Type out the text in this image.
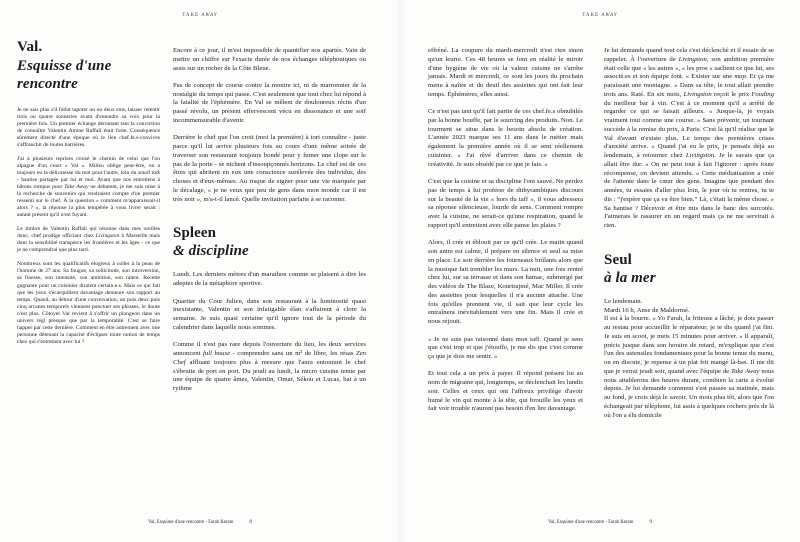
TAKE AWAY
Val.
Esquisse d'une
rencontre

Je ne sais plus s'il fallut tapoter un ou deux sms, laisser retentir trois ou quatre sonneries avant d'entendre sa voix pour la première fois. Un premier échange déroutant tant la conviction de connaître Valentin Amine Raffali était forte. Conséquence sûrement directe d'une époque où le lien chef.fe.s-convives s'affranchit de toutes barrières.

J'ai à plusieurs reprises croisé le chemin de celui que l'on alpague d'un court « Val ». Milieu oblige peut-être, on a toujours eu la délicatesse du mot pour l'autre, loin du small talk - hantise partagée par lui et moi. Avant que nos entretiens à bâtons rompus pour Take Away ne débutent, je me suis mise à la recherche de souvenirs qui rendraient compte d'un premier ressenti sur le chef. À la question « comment m'apparaissait-il alors ? », la réponse la plus tempérée à vous livrer serait : autant présent qu'il n'est fuyant.

Le timbre de Valentin Raffali qui résonne dans mes oreilles donc, chef prodige officiant chez Livingston à Marseille mais dont la sensibilité transperce les frontières et les âges - ce que je ne comprendrai que plus tard.

Nombreux sont les qualificatifs élogieux à coller à la peau de l'homme de 27 ans. Sa fougue, sa sollicitude, son introversion, sa finesse, son intensité, son ambition, son talent. Recette gagnante pour un cuisinier diraient certain.e.s. Mais ce qui fait que les yeux s'écarquillent davantage demeure son rapport au temps. Quand, au détour d'une conversation, un puis deux puis cinq arcanes temporels viennent ponctuer ses phrases, le doute n'est plus. Côtoyer Val revient à s'offrir un plongeon dans un univers régi presque que par la temporalité. C'est se faire happer par cette dernière. Comment en être autrement avec une personne détenant la capacité d'éclipser toute notion de temps chez qui s'entretient avec lui ?

Encore à ce jour, il m'est impossible de quantifier nos apartés. Vain de mettre un chiffre sur l'exacte durée de nos échanges téléphoniques ou assis sur un rocher de la Côte Bleue.

Pas de concept de course contre la montre ici, ni de marronnier de la nostalgie du temps qui passe. C'est seulement que tout chez lui répond à la fatalité de l'éphémère. En Val se mêlent de douloureux récits d'un passé révolu, un présent effervescent vécu en dissonance et une soif incommensurable d'avenir.

Derrière le chef que l'on croit (moi la première) à tort connaître - juste parce qu'il lui arrive plusieurs fois au cours d'une même soirée de traverser son restaurant toujours bondé pour y fumer une clope sur le pas de la porte - se nichent d'insoupçonnés horizons. Le chef est de ces êtres qui abritent en eux une conscience surélevée des individus, des choses et d'eux-mêmes. Au risque de signer pour une vie marquée par le décalage, « je ne veux que peu de gens dans mon monde car il est très noir », m'a-t-il lancé. Quelle invitation parfaite à se raconter.

Spleen
& discipline

Lundi. Les derniers mètres d'un marathon comme se plaisent à dire les adeptes de la métaphore sportive.

Quartier du Cour Julien, dans son restaurant à la luminosité quasi inexistante, Valentin et son infatigable élan s'affairent à clore la semaine. Je suis quasi certaine qu'il ignore tout de la période du calendrier dans laquelle nous sommes.

Comme il n'est pas rare depuis l'ouverture du lieu, les deux services annoncent full house - comprendre sans un m² de libre, les résas Zen Chef affluant toujours plus à mesure que l'aura entourant le chef s'ébruite de port en port. Du jeudi au lundi, la micro cuisine tenue par une équipe de quatre âmes, Valentin, Omar, Sékou et Lucas, bat à un rythme

Val, Esquisse d'une rencontre - Farah Keram	8
TAKE AWAY

effréné. La coupure du mardi-mercredi n'est rien sinon qu'un leurre. Ces 48 heures se font en réalité le miroir d'une hygiène de vie où la valeur cuisine ne s'arrête jamais. Mardi et mercredi, ce sont les jours du prochain menu à naître et du deuil des assiettes qui ont fait leur temps. Éphémères, elles aussi.

Ce n'est pas tant qu'il fait partie de ces chef.fe.s obnubilés par la bonne bouffe, par le sourcing des produits. Non. Le tourment se situe dans le besoin absolu de création. L'année 2023 marque ses 11 ans dans le métier mais également la première année où il se sent réellement cuisinier. « J'ai rêvé d'arriver dans ce chemin de créativité. Je suis obsédé par ce que je fais. »

C'est que la cuisine et sa discipline l'ont sauvé. Ne perdez pas de temps à lui proférer de dithyrambiques discours sur la beauté de la vie « hors du taff », il vous adressera sa réponse silencieuse, lourde de sens. Comment rompre avec la cuisine, ne serait-ce qu'une respiration, quand le rapport qu'il entretient avec elle panse les plaies ?

Alors, il crée et éblouit par ce qu'il crée. Le matin quand son antre est calme, il prépare en silence et seul sa mise en place. Le soir derrière les fourneaux brûlants alors que la musique fait trembler les murs. La nuit, une fois rentré chez lui, sur sa terrasse et dans son hamac, submergé par des vidéos de The Blaze, Kourtrajmé, Mac Miller. Il crée des assiettes pour lesquelles il n'a aucune attache. Une fois qu'elles prennent vie, il sait que leur cycle les entraînera inévitablement vers une fin. Mais il crée et nous réjouit.

« Je ne suis pas raisonné dans mon taff. Quand je sens que c'est trop et que j'étouffe, je me dis que c'est comme ça que je dois me sentir. »

Et tout cela a un prix à payer. Il répond présent lui au nom de migraine qui, longtemps, se déclenchait les lundis soir. Celles et ceux qui ont l'affreux privilège d'avoir humé le vin qui monte à la tête, qui brouille les yeux et fait voir trouble n'auront pas besoin d'en lire davantage.

Je lui demande quand tout cela s'est déclenché et il essaie de se rappeler. À l'ouverture de Livingston, son ambition première était celle que « les autres », « les pros » sachent ce que lui, ses associé.es et son équipe font. « Exister sur une map. Et ça me paraissait une montagne. » Dans sa tête, le tout allait prendre trois ans. Raté. En six mois, Livingston reçoit le prix Fooding du meilleur bar à vin. C'est à ce moment qu'il a arrêté de regarder ce qui se faisait ailleurs. « Jusque-là, je voyais vraiment tout comme une course. » Sans prévenir, un tournant succède à la remise du prix, à Paris. C'est là qu'il réalise que le Val d'avant n'existe plus. Le temps des premières crises d'anxiété arrive. « Quand j'ai eu le prix, je pensais déjà au lendemain, à retourner chez Livingston. Je le savais que ça allait être dur. » On ne peut tout à fait l'ignorer : après toute récompense, on devient attendu. « Cette médiatisation a créé de l'attente dans le cœur des gens. Imagine que pendant des années, tu essaies d'aller plus loin, le jour où tu rentres, tu te dis : “j'espère que ça va être bien.” Là, c'était la même chose. » Sa hantise ? Décevoir et être mis dans le banc des surcotés. J'aimerais le rassurer en un regard mais ça ne me servirait à rien.

Seul
à la mer

Le lendemain.
Mardi 16 h, Anse de Maldormé.
Il est à la bourre. « Yo Farah, la friteuse a lâché, je dois passer au restau pour accueillir le réparateur, je te dis quand j'ai fini. Je suis en scoot, je mets 15 minutes pour arriver. » Il apparaît, précis jusque dans son horaire de retard, m'explique que c'est l'un des ustensiles fondamentaux pour la bonne tenue du menu, on en discute, je repense à un plat frit mangé là-bas. Il me dit que je verrai jeudi soir, quand avec l'équipe de Take Away nous nous attablerons des heures durant, combien la carte a évolué depuis. Je lui demande comment s'est passée sa matinée, mais au fond, je crois déjà le savoir. Un mois plus tôt, alors que l'on échangeait par téléphone, lui assis à quelques rochers près de là où l'on a élu domicile

Val, Esquisse d'une rencontre - Farah Keram	9
